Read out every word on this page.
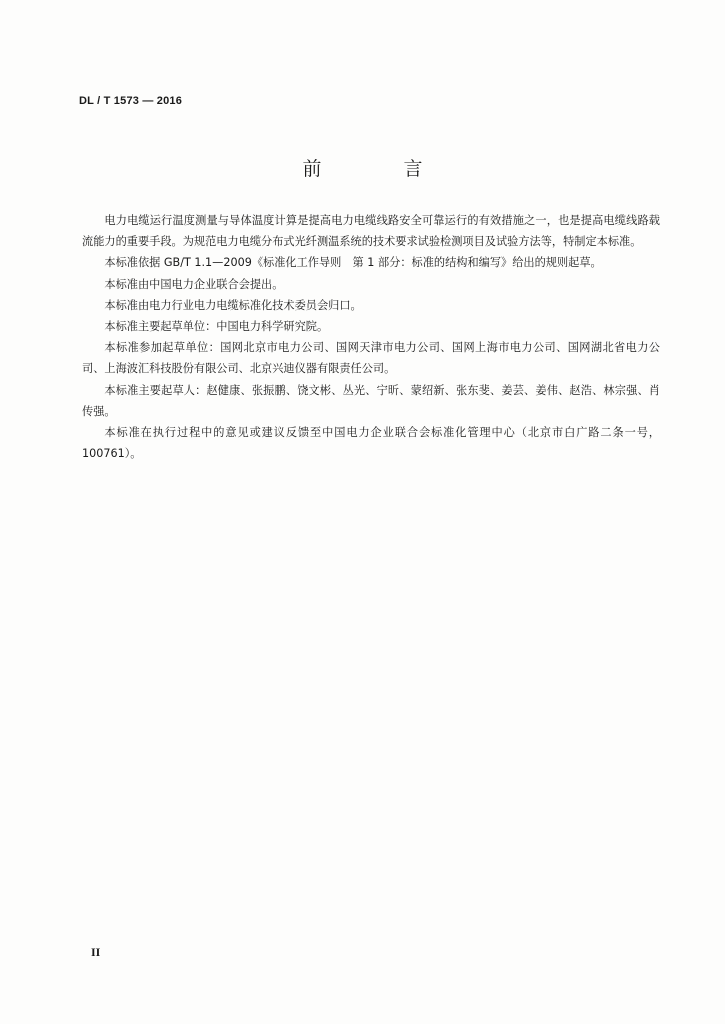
DL / T 1573 — 2016
前 言

电力电缆运行温度测量与导体温度计算是提高电力电缆线路安全可靠运行的有效措施之一，也是提高电缆线路载流能力的重要手段。为规范电力电缆分布式光纤测温系统的技术要求试验检测项目及试验方法等，特制定本标准。

本标准依据 GB/T 1.1—2009《标准化工作导则　第 1 部分：标准的结构和编写》给出的规则起草。

本标准由中国电力企业联合会提出。

本标准由电力行业电力电缆标准化技术委员会归口。

本标准主要起草单位：中国电力科学研究院。

本标准参加起草单位：国网北京市电力公司、国网天津市电力公司、国网上海市电力公司、国网湖北省电力公司、上海波汇科技股份有限公司、北京兴迪仪器有限责任公司。

本标准主要起草人：赵健康、张振鹏、饶文彬、丛光、宁昕、蒙绍新、张东斐、姜芸、姜伟、赵浩、林宗强、肖传强。

本标准在执行过程中的意见或建议反馈至中国电力企业联合会标准化管理中心（北京市白广路二条一号，100761）。

II
